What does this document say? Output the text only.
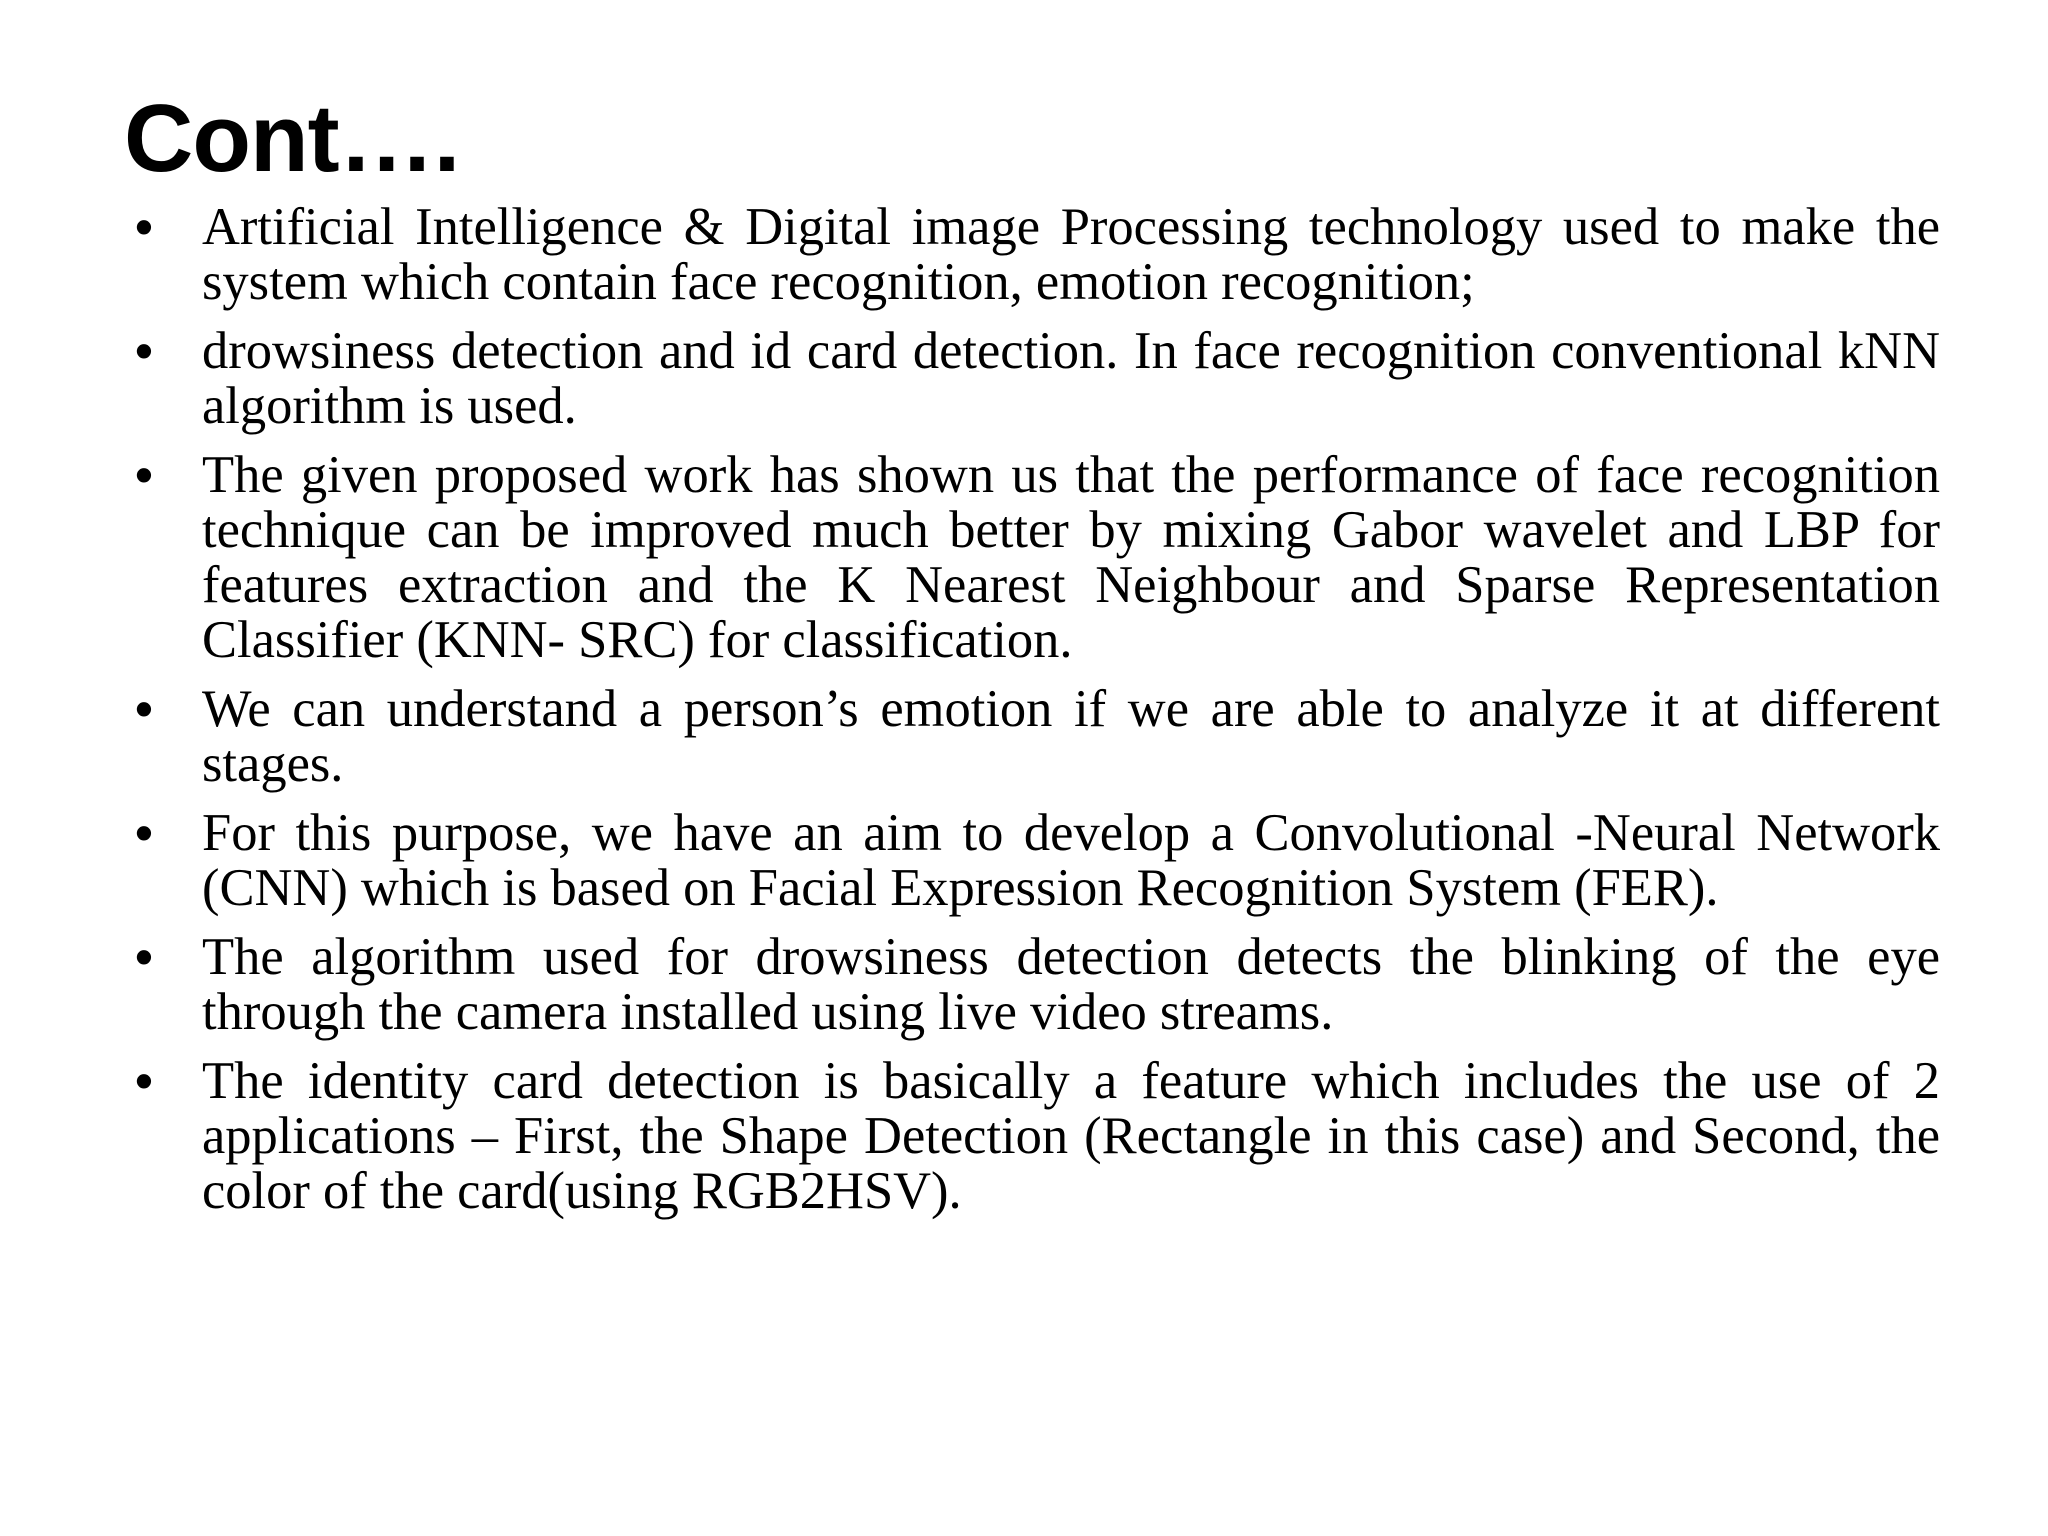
Cont….
• Artificial Intelligence & Digital image Processing technology used to make the system which contain face recognition, emotion recognition;
• drowsiness detection and id card detection. In face recognition conventional kNN algorithm is used.
• The given proposed work has shown us that the performance of face recognition technique can be improved much better by mixing Gabor wavelet and LBP for features extraction and the K Nearest Neighbour and Sparse Representation Classifier (KNN- SRC) for classification.
• We can understand a person’s emotion if we are able to analyze it at different stages.
• For this purpose, we have an aim to develop a Convolutional -Neural Network (CNN) which is based on Facial Expression Recognition System (FER).
• The algorithm used for drowsiness detection detects the blinking of the eye through the camera installed using live video streams.
• The identity card detection is basically a feature which includes the use of 2 applications – First, the Shape Detection (Rectangle in this case) and Second, the color of the card(using RGB2HSV).
